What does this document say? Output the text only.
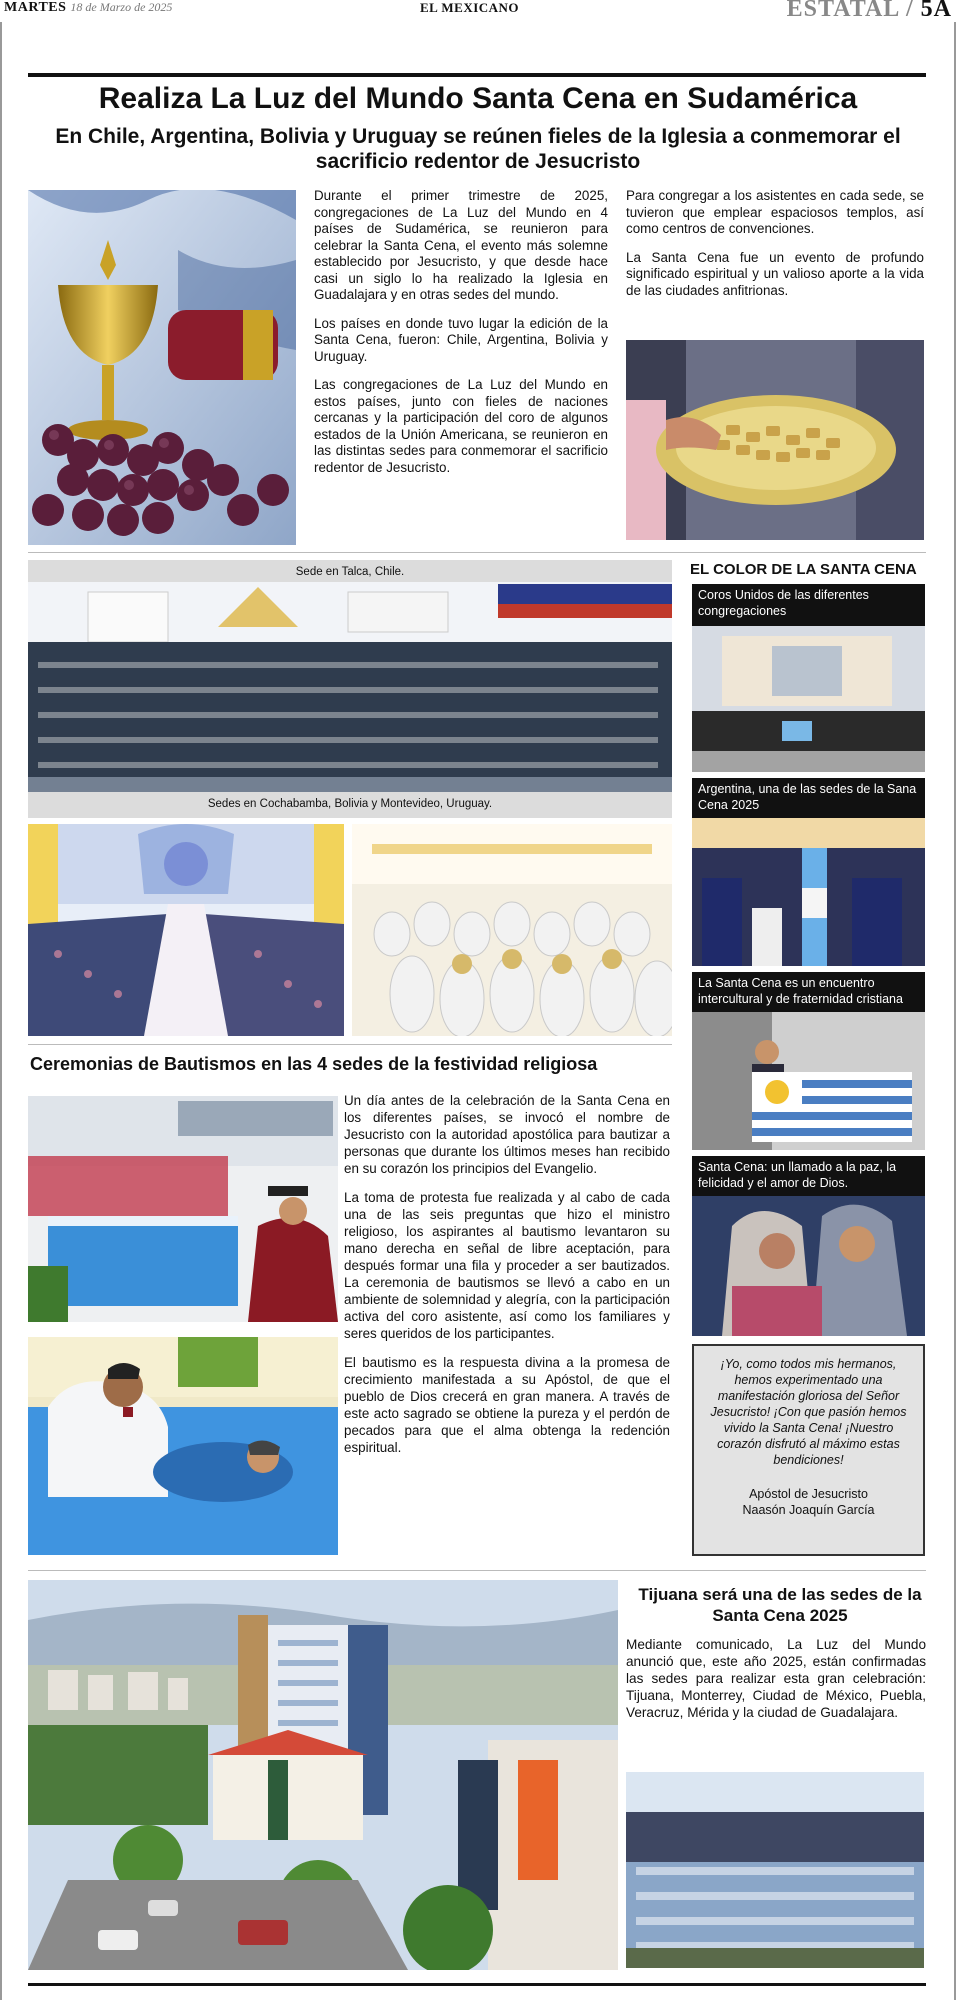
MARTES 18 de Marzo de 2025	EL MEXICANO	ESTATAL / 5A
Realiza La Luz del Mundo Santa Cena en Sudamérica
En Chile, Argentina, Bolivia y Uruguay se reúnen fieles de la Iglesia a conmemorar el sacrificio redentor de Jesucristo

Durante el primer trimestre de 2025, congregaciones de La Luz del Mundo en 4 países de Sudamérica, se reunieron para celebrar la Santa Cena, el evento más solemne establecido por Jesucristo, y que desde hace casi un siglo lo ha realizado la Iglesia en Guadalajara y en otras sedes del mundo.

Los países en donde tuvo lugar la edición de la Santa Cena, fueron: Chile, Argentina, Bolivia y Uruguay.

Las congregaciones de La Luz del Mundo en estos países, junto con fieles de naciones cercanas y la participación del coro de algunos estados de la Unión Americana, se reunieron en las distintas sedes para conmemorar el sacrificio redentor de Jesucristo.

Para congregar a los asistentes en cada sede, se tuvieron que emplear espaciosos templos, así como centros de convenciones.

La Santa Cena fue un evento de profundo significado espiritual y un valioso aporte a la vida de las ciudades anfitrionas.

Sede en Talca, Chile.
Sedes en Cochabamba, Bolivia y Montevideo, Uruguay.
Ceremonias de Bautismos en las 4 sedes de la festividad religiosa

Un día antes de la celebración de la Santa Cena en los diferentes países, se invocó el nombre de Jesucristo con la autoridad apostólica para bautizar a personas que durante los últimos meses han recibido en su corazón los principios del Evangelio.

La toma de protesta fue realizada y al cabo de cada una de las seis preguntas que hizo el ministro religioso, los aspirantes al bautismo levantaron su mano derecha en señal de libre aceptación, para después formar una fila y proceder a ser bautizados. La ceremonia de bautismos se llevó a cabo en un ambiente de solemnidad y alegría, con la participación activa del coro asistente, así como los familiares y seres queridos de los participantes.

El bautismo es la respuesta divina a la promesa de crecimiento manifestada a su Apóstol, de que el pueblo de Dios crecerá en gran manera. A través de este acto sagrado se obtiene la pureza y el perdón de pecados para que el alma obtenga la redención espiritual.

EL COLOR DE LA SANTA CENA
Coros Unidos de las diferentes congregaciones
Argentina, una de las sedes de la Sana Cena 2025
La Santa Cena es un encuentro intercultural y de fraternidad cristiana
Santa Cena: un llamado a la paz, la felicidad y el amor de Dios.
¡Yo, como todos mis hermanos, hemos experimentado una manifestación gloriosa del Señor Jesucristo! ¡Con que pasión hemos vivido la Santa Cena! ¡Nuestro corazón disfrutó al máximo estas bendiciones!
Apóstol de Jesucristo
Naasón Joaquín García
Tijuana será una de las sedes de la Santa Cena 2025
Mediante comunicado, La Luz del Mundo anunció que, este año 2025, están confirmadas las sedes para realizar esta gran celebración: Tijuana, Monterrey, Ciudad de México, Puebla, Veracruz, Mérida y la ciudad de Guadalajara.
